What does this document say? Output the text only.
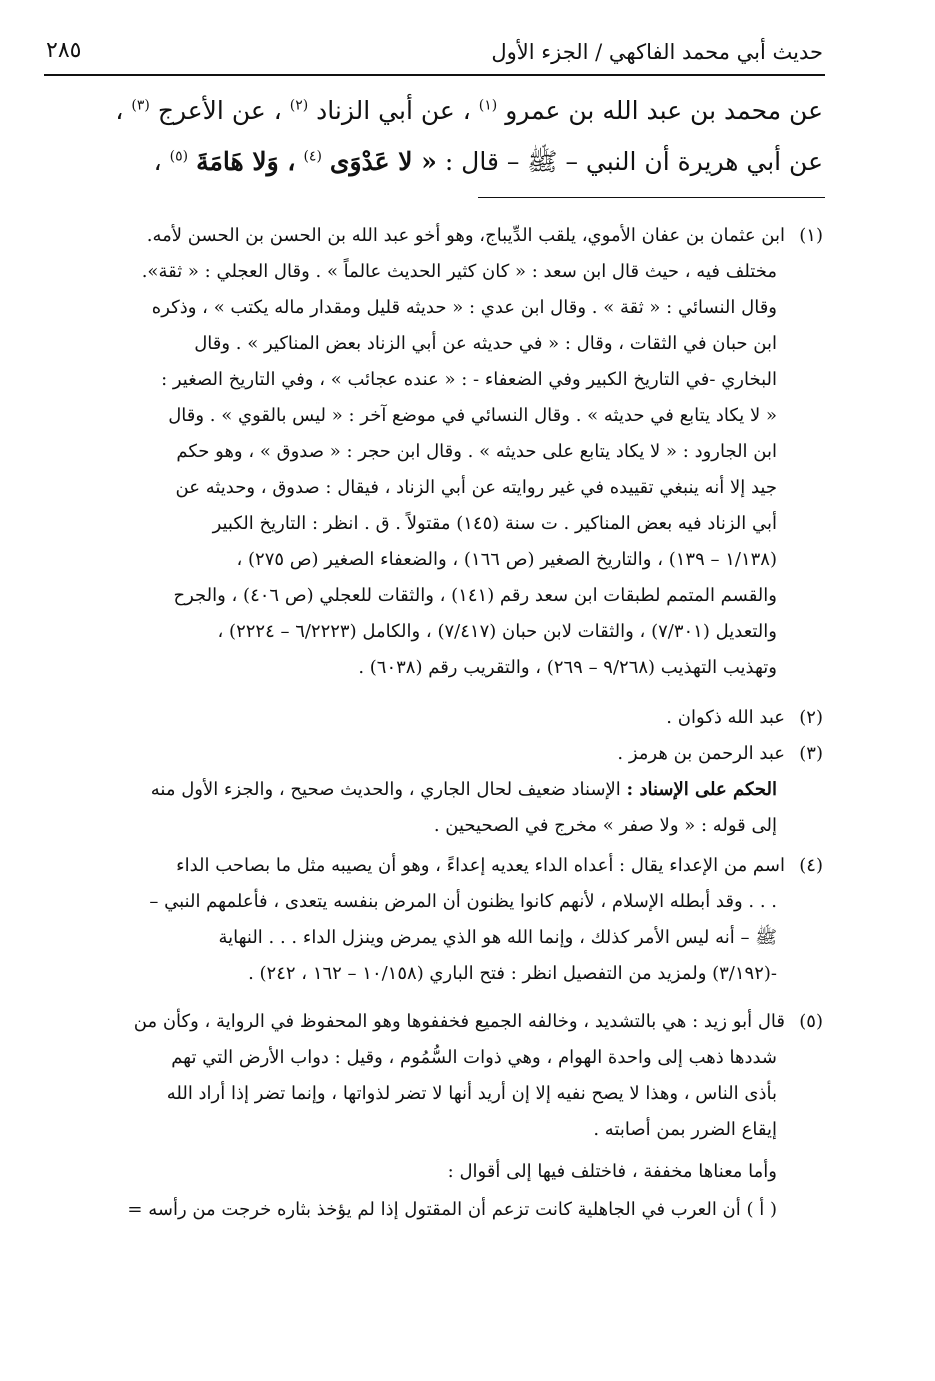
حديث أبي محمد الفاكهي / الجزء الأول
٢٨٥
عن محمد بن عبد الله بن عمرو $^{(١)}$ ، عن أبي الزناد $^{(٢)}$ ، عن الأعرج $^{(٣)}$ ،
عن أبي هريرة أن النبي – ﷺ – قال : « لا عَدْوَى $^{(٤)}$ ، وَلا هَامَةَ $^{(٥)}$ ،
(١)ابن عثمان بن عفان الأموي، يلقب الدِّيباج، وهو أخو عبد الله بن الحسن بن الحسن لأمه.
مختلف فيه ، حيث قال ابن سعد : « كان كثير الحديث عالماً » . وقال العجلي : « ثقة».
وقال النسائي : « ثقة » . وقال ابن عدي : « حديثه قليل ومقدار ماله يكتب » ، وذكره
ابن حبان في الثقات ، وقال : « في حديثه عن أبي الزناد بعض المناكير » . وقال
البخاري -في التاريخ الكبير وفي الضعفاء - : « عنده عجائب » ، وفي التاريخ الصغير :
« لا يكاد يتابع في حديثه » . وقال النسائي في موضع آخر : « ليس بالقوي » . وقال
ابن الجارود : « لا يكاد يتابع على حديثه » . وقال ابن حجر : « صدوق » ، وهو حكم
جيد إلا أنه ينبغي تقييده في غير روايته عن أبي الزناد ، فيقال : صدوق ، وحديثه عن
أبي الزناد فيه بعض المناكير . ت سنة (١٤٥) مقتولاً . ق . انظر : التاريخ الكبير
(١/١٣٨ – ١٣٩) ، والتاريخ الصغير (ص ١٦٦) ، والضعفاء الصغير (ص ٢٧٥) ،
والقسم المتمم لطبقات ابن سعد رقم (١٤١) ، والثقات للعجلي (ص ٤٠٦) ، والجرح
والتعديل (٧/٣٠١) ، والثقات لابن حبان (٧/٤١٧) ، والكامل (٦/٢٢٢٣ – ٢٢٢٤) ،
وتهذيب التهذيب (٩/٢٦٨ – ٢٦٩) ، والتقريب رقم (٦٠٣٨) .
(٢)عبد الله ذكوان .
(٣)عبد الرحمن بن هرمز .
الحكم على الإسناد : الإسناد ضعيف لحال الجاري ، والحديث صحيح ، والجزء الأول منه
إلى قوله : « ولا صفر » مخرج في الصحيحين .
(٤)اسم من الإعداء يقال : أعداه الداء يعديه إعداءً ، وهو أن يصيبه مثل ما بصاحب الداء
. . . وقد أبطله الإسلام ، لأنهم كانوا يظنون أن المرض بنفسه يتعدى ، فأعلمهم النبي –
ﷺ – أنه ليس الأمر كذلك ، وإنما الله هو الذي يمرض وينزل الداء . . . النهاية
-(٣/١٩٢) ولمزيد من التفصيل انظر : فتح الباري (١٠/١٥٨ – ١٦٢ ، ٢٤٢) .
(٥)قال أبو زيد : هي بالتشديد ، وخالفه الجميع فخففوها وهو المحفوظ في الرواية ، وكأن من
شددها ذهب إلى واحدة الهوام ، وهي ذوات السُّمُوم ، وقيل : دواب الأرض التي تهم
بأذى الناس ، وهذا لا يصح نفيه إلا إن أريد أنها لا تضر لذواتها ، وإنما تضر إذا أراد الله
إيقاع الضرر بمن أصابته .
وأما معناها مخففة ، فاختلف فيها إلى أقوال :
( أ ) أن العرب في الجاهلية كانت تزعم أن المقتول إذا لم يؤخذ بثاره خرجت من رأسه =
